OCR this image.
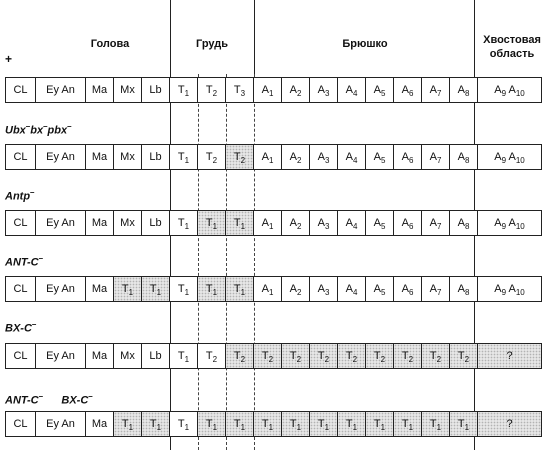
Голова	Грудь	Брюшко	Хвостовая область
CL	Ey An	Ma	Mx	Lb	$T_1$	$T_2$	$T_3$	$A_1$	$A_2$	$A_3$	$A_4$	$A_5$	$A_6$	$A_7$	$A_8$	$A_9$ $A_{10}$
CL	Ey An	Ma	Mx	Lb	$T_1$	$T_2$	$T_2$	$A_1$	$A_2$	$A_3$	$A_4$	$A_5$	$A_6$	$A_7$	$A_8$	$A_9$ $A_{10}$
CL	Ey An	Ma	Mx	Lb	$T_1$	$T_1$	$T_1$	$A_1$	$A_2$	$A_3$	$A_4$	$A_5$	$A_6$	$A_7$	$A_8$	$A_9$ $A_{10}$
CL	Ey An	Ma	$T_1$	$T_1$	$T_1$	$T_1$	$T_1$	$A_1$	$A_2$	$A_3$	$A_4$	$A_5$	$A_6$	$A_7$	$A_8$	$A_9$ $A_{10}$
CL	Ey An	Ma	Mx	Lb	$T_1$	$T_2$	$T_2$	$T_2$	$T_2$	$T_2$	$T_2$	$T_2$	$T_2$	$T_2$	$T_2$	?
CL	Ey An	Ma	$T_1$	$T_1$	$T_1$	$T_1$	$T_1$	$T_1$	$T_1$	$T_1$	$T_1$	$T_1$	$T_1$	$T_1$	$T_1$	?
+
Ubx–bx–pbx–
Antp–
ANT-C–
BX-C–
ANT-C–      BX-C–
